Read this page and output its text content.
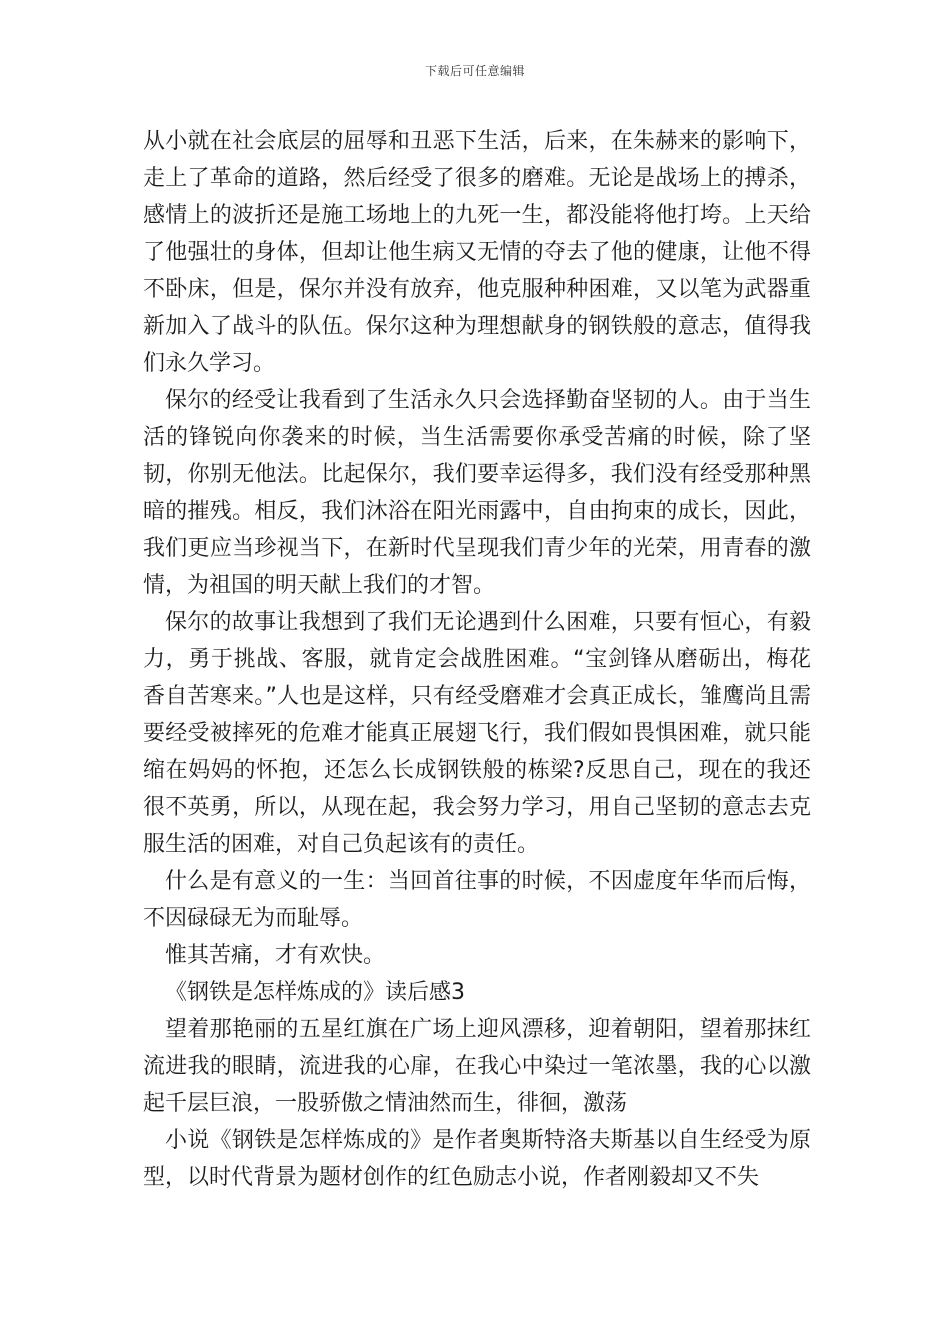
下载后可任意编辑

从小就在社会底层的屈辱和丑恶下生活，后来，在朱赫来的影响下，走上了革命的道路，然后经受了很多的磨难。无论是战场上的搏杀，感情上的波折还是施工场地上的九死一生，都没能将他打垮。上天给了他强壮的身体，但却让他生病又无情的夺去了他的健康，让他不得不卧床，但是，保尔并没有放弃，他克服种种困难，又以笔为武器重新加入了战斗的队伍。保尔这种为理想献身的钢铁般的意志，值得我们永久学习。

保尔的经受让我看到了生活永久只会选择勤奋坚韧的人。由于当生活的锋锐向你袭来的时候，当生活需要你承受苦痛的时候，除了坚韧，你别无他法。比起保尔，我们要幸运得多，我们没有经受那种黑暗的摧残。相反，我们沐浴在阳光雨露中，自由拘束的成长，因此，我们更应当珍视当下，在新时代呈现我们青少年的光荣，用青春的激情，为祖国的明天献上我们的才智。

保尔的故事让我想到了我们无论遇到什么困难，只要有恒心，有毅力，勇于挑战、客服，就肯定会战胜困难。“宝剑锋从磨砺出，梅花香自苦寒来。”人也是这样，只有经受磨难才会真正成长，雏鹰尚且需要经受被摔死的危难才能真正展翅飞行，我们假如畏惧困难，就只能缩在妈妈的怀抱，还怎么长成钢铁般的栋梁?反思自己，现在的我还很不英勇，所以，从现在起，我会努力学习，用自己坚韧的意志去克服生活的困难，对自己负起该有的责任。

什么是有意义的一生：当回首往事的时候，不因虚度年华而后悔，不因碌碌无为而耻辱。

惟其苦痛，才有欢快。

《钢铁是怎样炼成的》读后感3

望着那艳丽的五星红旗在广场上迎风漂移，迎着朝阳，望着那抹红流进我的眼睛，流进我的心扉，在我心中染过一笔浓墨，我的心以激起千层巨浪，一股骄傲之情油然而生，徘徊，激荡

小说《钢铁是怎样炼成的》是作者奥斯特洛夫斯基以自生经受为原型，以时代背景为题材创作的红色励志小说，作者刚毅却又不失
